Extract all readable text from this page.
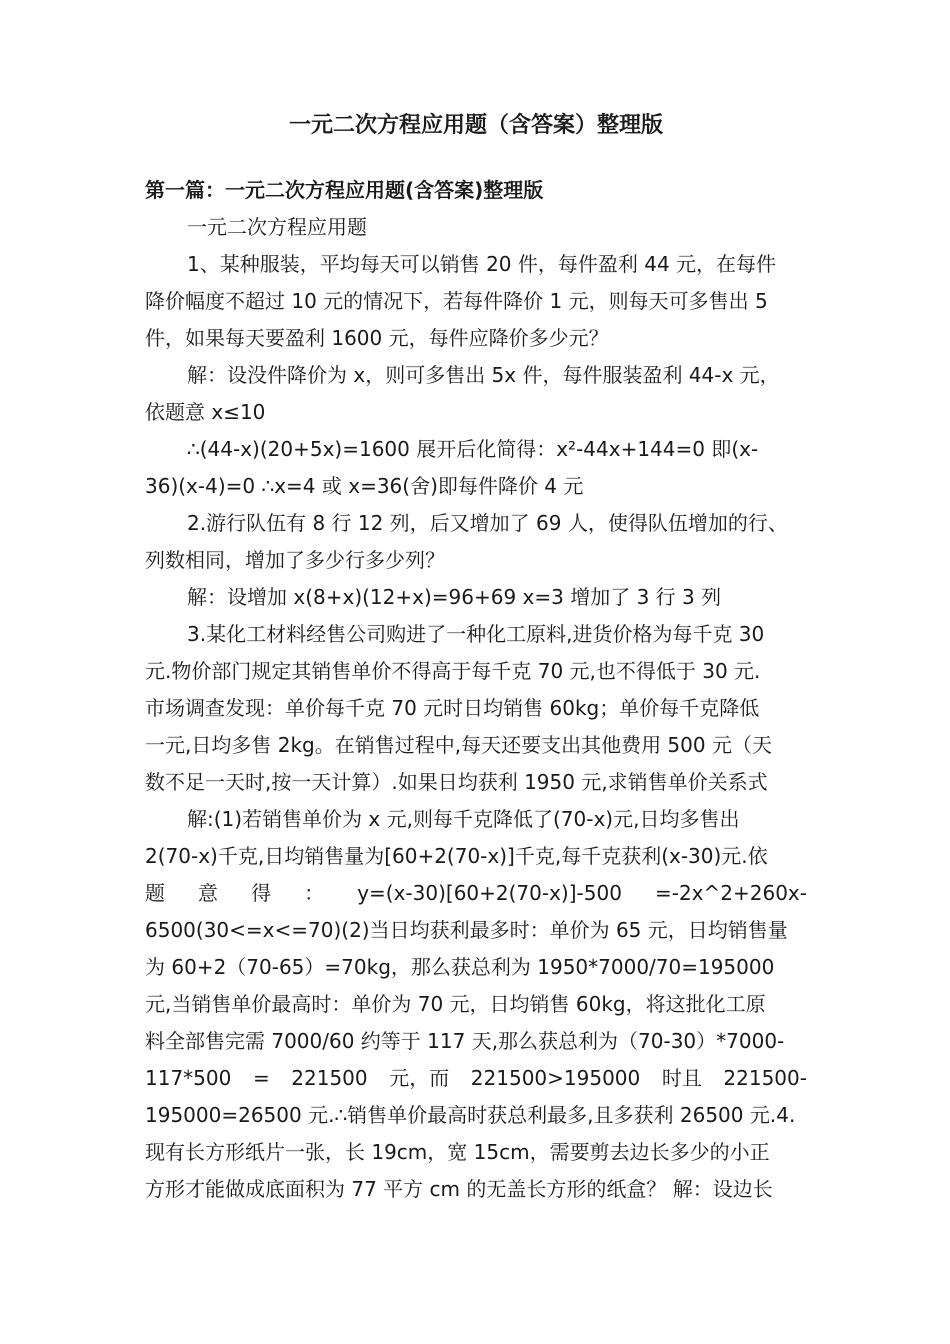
一元二次方程应用题（含答案）整理版
第一篇：一元二次方程应用题(含答案)整理版
一元二次方程应用题
1、某种服装，平均每天可以销售 20 件，每件盈利 44 元，在每件
降价幅度不超过 10 元的情况下，若每件降价 1 元，则每天可多售出 5
件，如果每天要盈利 1600 元，每件应降价多少元？
解：设没件降价为 x，则可多售出 5x 件，每件服装盈利 44-x 元，
依题意 x≤10
∴(44-x)(20+5x)=1600 展开后化简得：x²-44x+144=0 即(x-
36)(x-4)=0 ∴x=4 或 x=36(舍)即每件降价 4 元
2.游行队伍有 8 行 12 列，后又增加了 69 人，使得队伍增加的行、
列数相同，增加了多少行多少列？
解：设增加 x(8+x)(12+x)=96+69 x=3 增加了 3 行 3 列
3.某化工材料经售公司购进了一种化工原料,进货价格为每千克 30
元.物价部门规定其销售单价不得高于每千克 70 元,也不得低于 30 元.
市场调查发现：单价每千克 70 元时日均销售 60kg；单价每千克降低
一元,日均多售 2kg。在销售过程中,每天还要支出其他费用 500 元（天
数不足一天时,按一天计算）.如果日均获利 1950 元,求销售单价关系式
解:(1)若销售单价为 x 元,则每千克降低了(70-x)元,日均多售出
2(70-x)千克,日均销售量为[60+2(70-x)]千克,每千克获利(x-30)元.依
题 意 得 ： y=(x-30)[60+2(70-x)]-500 =-2x^2+260x-
6500(30<=x<=70)(2)当日均获利最多时：单价为 65 元，日均销售量
为 60+2（70-65）=70kg，那么获总利为 1950*7000/70=195000
元,当销售单价最高时：单价为 70 元，日均销售 60kg，将这批化工原
料全部售完需 7000/60 约等于 117 天,那么获总利为（70-30）*7000-
117*500 = 221500 元，而 221500>195000 时且 221500-
195000=26500 元.∴销售单价最高时获总利最多,且多获利 26500 元.4.
现有长方形纸片一张，长 19cm，宽 15cm，需要剪去边长多少的小正
方形才能做成底面积为 77 平方 cm 的无盖长方形的纸盒？ 解：设边长
